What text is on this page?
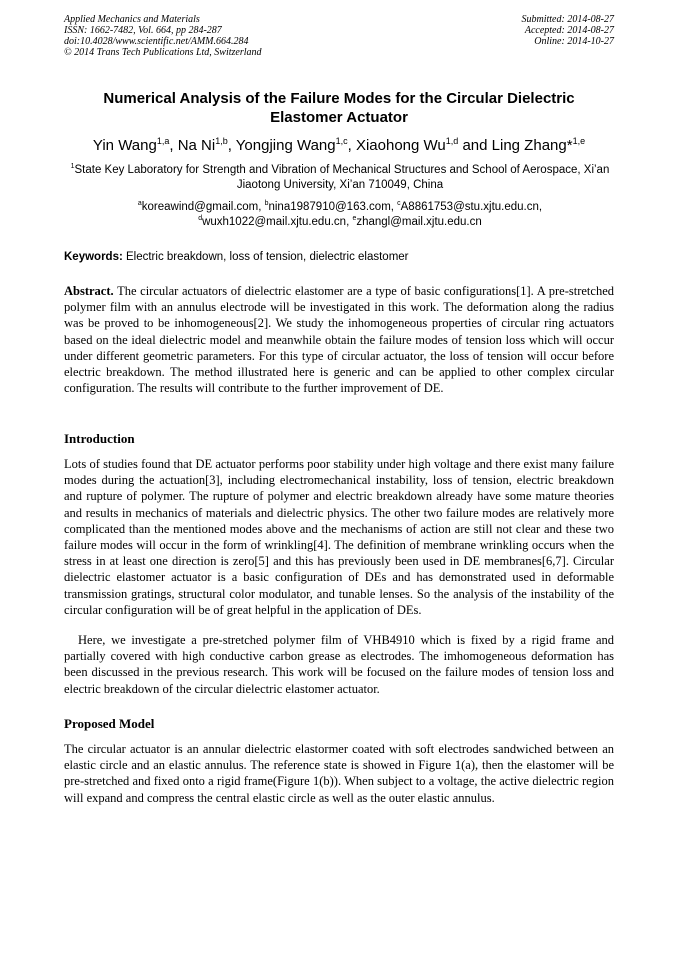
Applied Mechanics and Materials
ISSN: 1662-7482, Vol. 664, pp 284-287
doi:10.4028/www.scientific.net/AMM.664.284
© 2014 Trans Tech Publications Ltd, Switzerland
Submitted: 2014-08-27
Accepted: 2014-08-27
Online: 2014-10-27
Numerical Analysis of the Failure Modes for the Circular Dielectric Elastomer Actuator
Yin Wang$^{1,a}$, Na Ni$^{1,b}$, Yongjing Wang$^{1,c}$, Xiaohong Wu$^{1,d}$ and Ling Zhang*$^{1,e}$
$^1$State Key Laboratory for Strength and Vibration of Mechanical Structures and School of Aerospace, Xi’an Jiaotong University, Xi’an 710049, China
$^a$koreawind@gmail.com, $^b$nina1987910@163.com, $^c$A8861753@stu.xjtu.edu.cn,
$^d$wuxh1022@mail.xjtu.edu.cn, $^e$zhangl@mail.xjtu.edu.cn
Keywords: Electric breakdown, loss of tension, dielectric elastomer

Abstract. The circular actuators of dielectric elastomer are a type of basic configurations[1]. A pre-stretched polymer film with an annulus electrode will be investigated in this work. The deformation along the radius was be proved to be inhomogeneous[2]. We study the inhomogeneous properties of circular ring actuators based on the ideal dielectric model and meanwhile obtain the failure modes of tension loss which will occur under different geometric parameters. For this type of circular actuator, the loss of tension will occur before electric breakdown. The method illustrated here is generic and can be applied to other complex circular configuration. The results will contribute to the further improvement of DE.

Introduction

Lots of studies found that DE actuator performs poor stability under high voltage and there exist many failure modes during the actuation[3], including electromechanical instability, loss of tension, electric breakdown and rupture of polymer. The rupture of polymer and electric breakdown already have some mature theories and results in mechanics of materials and dielectric physics. The other two failure modes are relatively more complicated than the mentioned modes above and the mechanisms of action are still not clear and these two failure modes will occur in the form of wrinkling[4]. The definition of membrane wrinkling occurs when the stress in at least one direction is zero[5] and this has previously been used in DE membranes[6,7]. Circular dielectric elastomer actuator is a basic configuration of DEs and has demonstrated used in deformable transmission gratings, structural color modulator, and tunable lenses. So the analysis of the instability of the circular configuration will be of great helpful in the application of DEs.

Here, we investigate a pre-stretched polymer film of VHB4910 which is fixed by a rigid frame and partially covered with high conductive carbon grease as electrodes. The imhomogeneous deformation has been discussed in the previous research. This work will be focused on the failure modes of tension loss and electric breakdown of the circular dielectric elastomer actuator.

Proposed Model

The circular actuator is an annular dielectric elastormer coated with soft electrodes sandwiched between an elastic circle and an elastic annulus. The reference state is showed in Figure 1(a), then the elastomer will be pre-stretched and fixed onto a rigid frame(Figure 1(b)). When subject to a voltage, the active dielectric region will expand and compress the central elastic circle as well as the outer elastic annulus.
